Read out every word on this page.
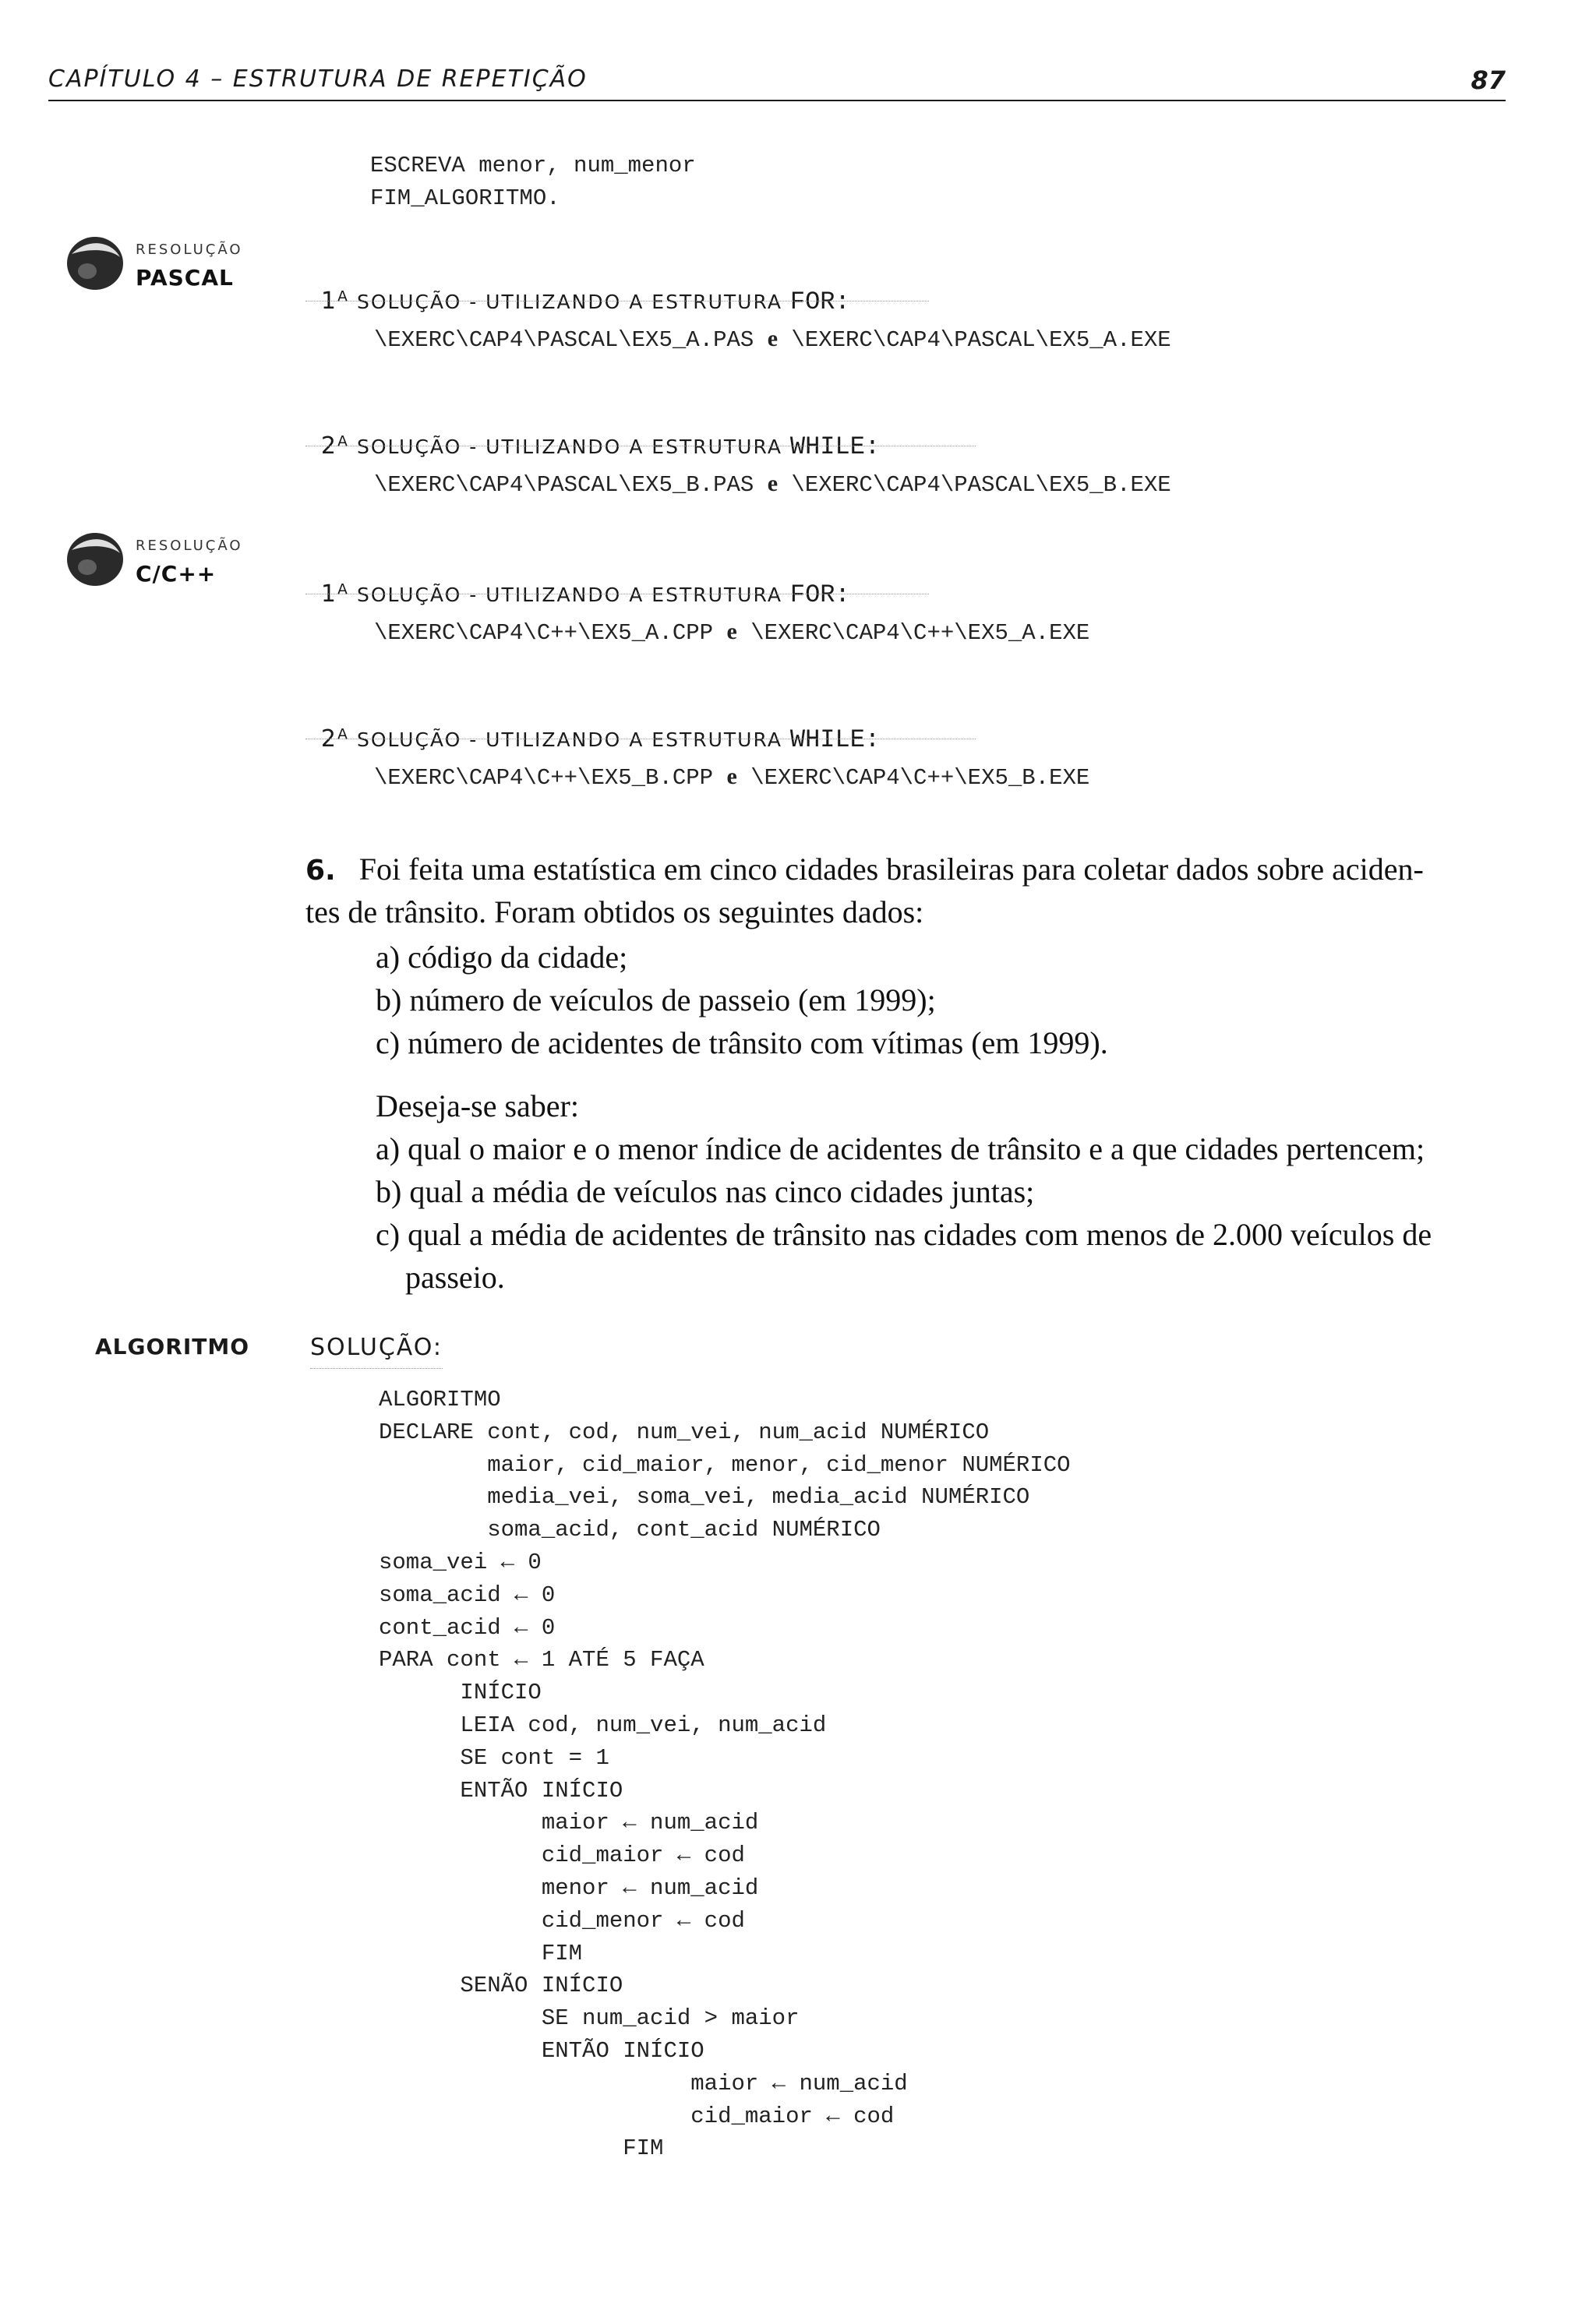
CAPÍTULO 4 – ESTRUTURA DE REPETIÇÃO	87
ESCREVA menor, num_menor
FIM_ALGORITMO.
RESOLUÇÃO
PASCAL

$1^A$ SOLUÇÃO - UTILIZANDO A ESTRUTURA FOR:

\EXERC\CAP4\PASCAL\EX5_A.PAS e \EXERC\CAP4\PASCAL\EX5_A.EXE

$2^A$ SOLUÇÃO - UTILIZANDO A ESTRUTURA WHILE:

\EXERC\CAP4\PASCAL\EX5_B.PAS e \EXERC\CAP4\PASCAL\EX5_B.EXE
RESOLUÇÃO
C/C++

$1^A$ SOLUÇÃO - UTILIZANDO A ESTRUTURA FOR:

\EXERC\CAP4\C++\EX5_A.CPP e \EXERC\CAP4\C++\EX5_A.EXE

$2^A$ SOLUÇÃO - UTILIZANDO A ESTRUTURA WHILE:

\EXERC\CAP4\C++\EX5_B.CPP e \EXERC\CAP4\C++\EX5_B.EXE
6. Foi feita uma estatística em cinco cidades brasileiras para coletar dados sobre aciden-
tes de trânsito. Foram obtidos os seguintes dados:
a) código da cidade;
b) número de veículos de passeio (em 1999);
c) número de acidentes de trânsito com vítimas (em 1999).
Deseja-se saber:
a) qual o maior e o menor índice de acidentes de trânsito e a que cidades pertencem;
b) qual a média de veículos nas cinco cidades juntas;
c) qual a média de acidentes de trânsito nas cidades com menos de 2.000 veículos de
passeio.
ALGORITMO	SOLUÇÃO:
ALGORITMO
DECLARE cont, cod, num_vei, num_acid NUMÉRICO
maior, cid_maior, menor, cid_menor NUMÉRICO
media_vei, soma_vei, media_acid NUMÉRICO
soma_acid, cont_acid NUMÉRICO
soma_vei ← 0
soma_acid ← 0
cont_acid ← 0
PARA cont ← 1 ATÉ 5 FAÇA
INÍCIO
LEIA cod, num_vei, num_acid
SE cont = 1
ENTÃO INÍCIO
maior ← num_acid
cid_maior ← cod
menor ← num_acid
cid_menor ← cod
FIM
SENÃO INÍCIO
SE num_acid > maior
ENTÃO INÍCIO
maior ← num_acid
cid_maior ← cod
FIM
